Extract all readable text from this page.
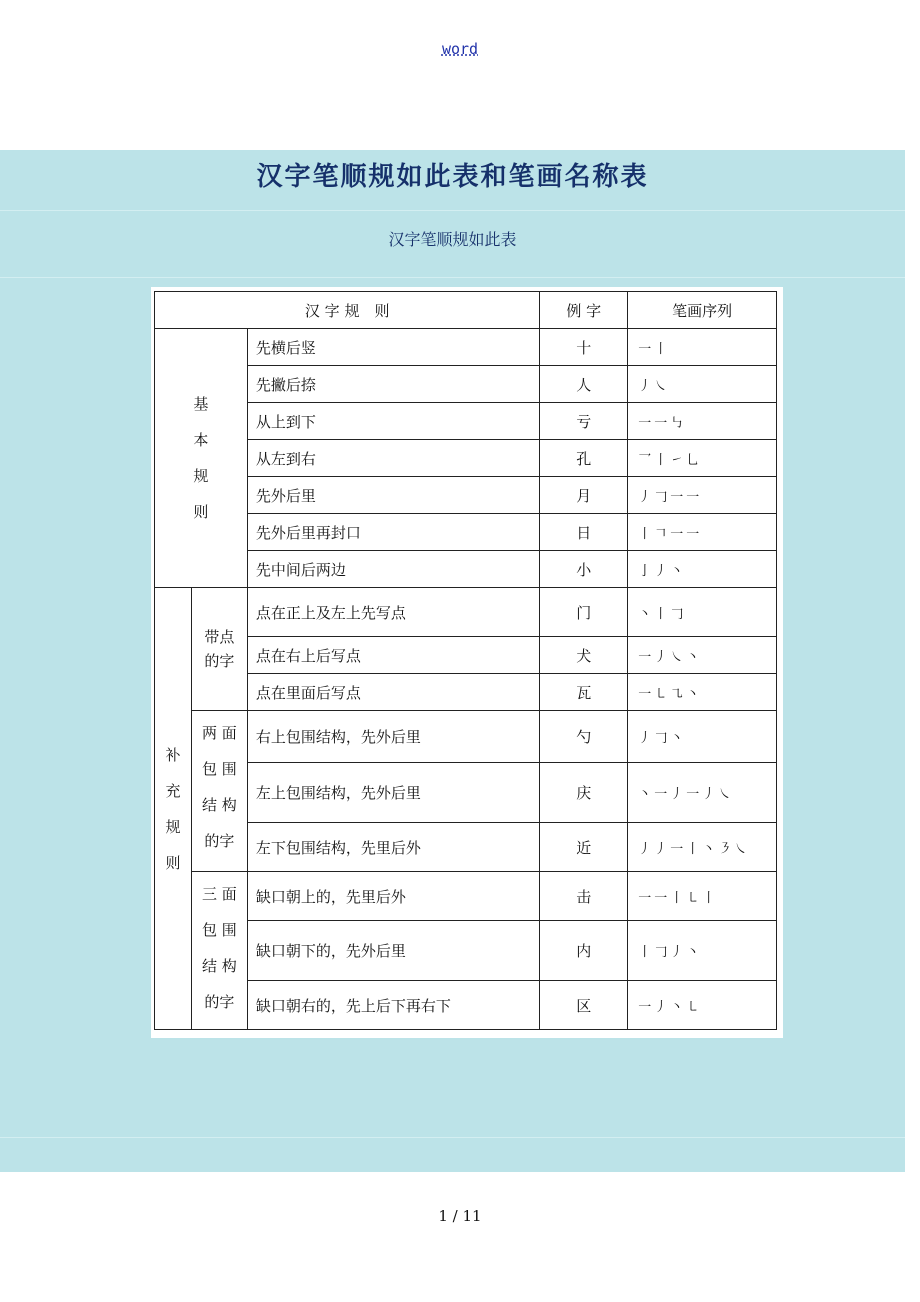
word
汉字笔顺规如此表和笔画名称表
汉字笔顺规如此表
汉 字 规　则			例 字	笔画序列
基
本
规
则		先横后竖	十	一丨
		先撇后捺	人	丿㇏
		从上到下	亏	一一㇉
		从左到右	孔	乛丨㇀乚
		先外后里	月	丿𠃌一一
		先外后里再封口	日	丨𠃍一一
		先中间后两边	小	亅丿丶
补
充
规
则	带点
的字	点在正上及左上先写点	门	丶丨𠃌
		点在右上后写点	犬	一丿㇏丶
		点在里面后写点	瓦	一㇄㇈丶
	两 面
包 围
结 构
的字	右上包围结构，先外后里	勺	丿𠃌丶
		左上包围结构，先外后里	庆	丶一丿一丿㇏
		左下包围结构，先里后外	近	丿丿一丨丶㇋㇏
	三 面
包 围
结 构
的字	缺口朝上的，先里后外	击	一一丨㇄丨
		缺口朝下的，先外后里	内	丨𠃌丿丶
		缺口朝右的，先上后下再右下	区	一丿丶㇄
1 / 11
